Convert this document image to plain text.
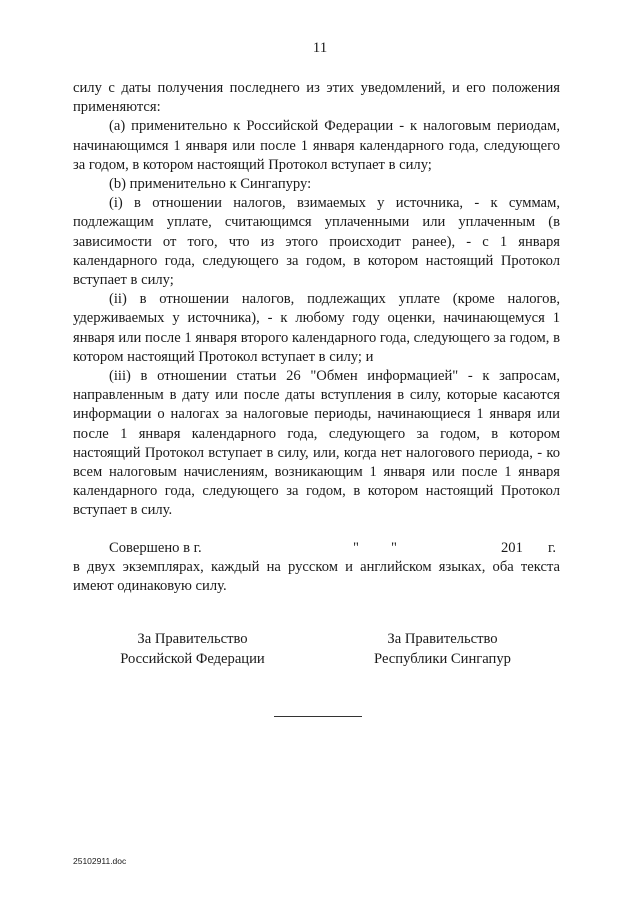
11

силу с даты получения последнего из этих уведомлений, и его положения применяются:

(a) применительно к Российской Федерации - к налоговым периодам, начинающимся 1 января или после 1 января календарного года, следующего за годом, в котором настоящий Протокол вступает в силу;

(b) применительно к Сингапуру:

(i) в отношении налогов, взимаемых у источника, - к суммам, подлежащим уплате, считающимся уплаченными или уплаченным (в зависимости от того, что из этого происходит ранее), - с 1 января календарного года, следующего за годом, в котором настоящий Протокол вступает в силу;

(ii) в отношении налогов, подлежащих уплате (кроме налогов, удерживаемых у источника), - к любому году оценки, начинающемуся 1 января или после 1 января второго календарного года, следующего за годом, в котором настоящий Протокол вступает в силу; и

(iii) в отношении статьи 26 "Обмен информацией" - к запросам, направленным в дату или после даты вступления в силу, которые касаются информации о налогах за налоговые периоды, начинающиеся 1 января или после 1 января календарного года, следующего за годом, в котором настоящий Протокол вступает в силу, или, когда нет налогового периода, - ко всем налоговым начислениям, возникающим 1 января или после 1 января календарного года, следующего за годом, в котором настоящий Протокол вступает в силу.

Совершено в г.	" "	201 г.

в двух экземплярах, каждый на русском и английском языках, оба текста имеют одинаковую силу.

За Правительство
Российской Федерации
За Правительство
Республики Сингапур
25102911.doc
